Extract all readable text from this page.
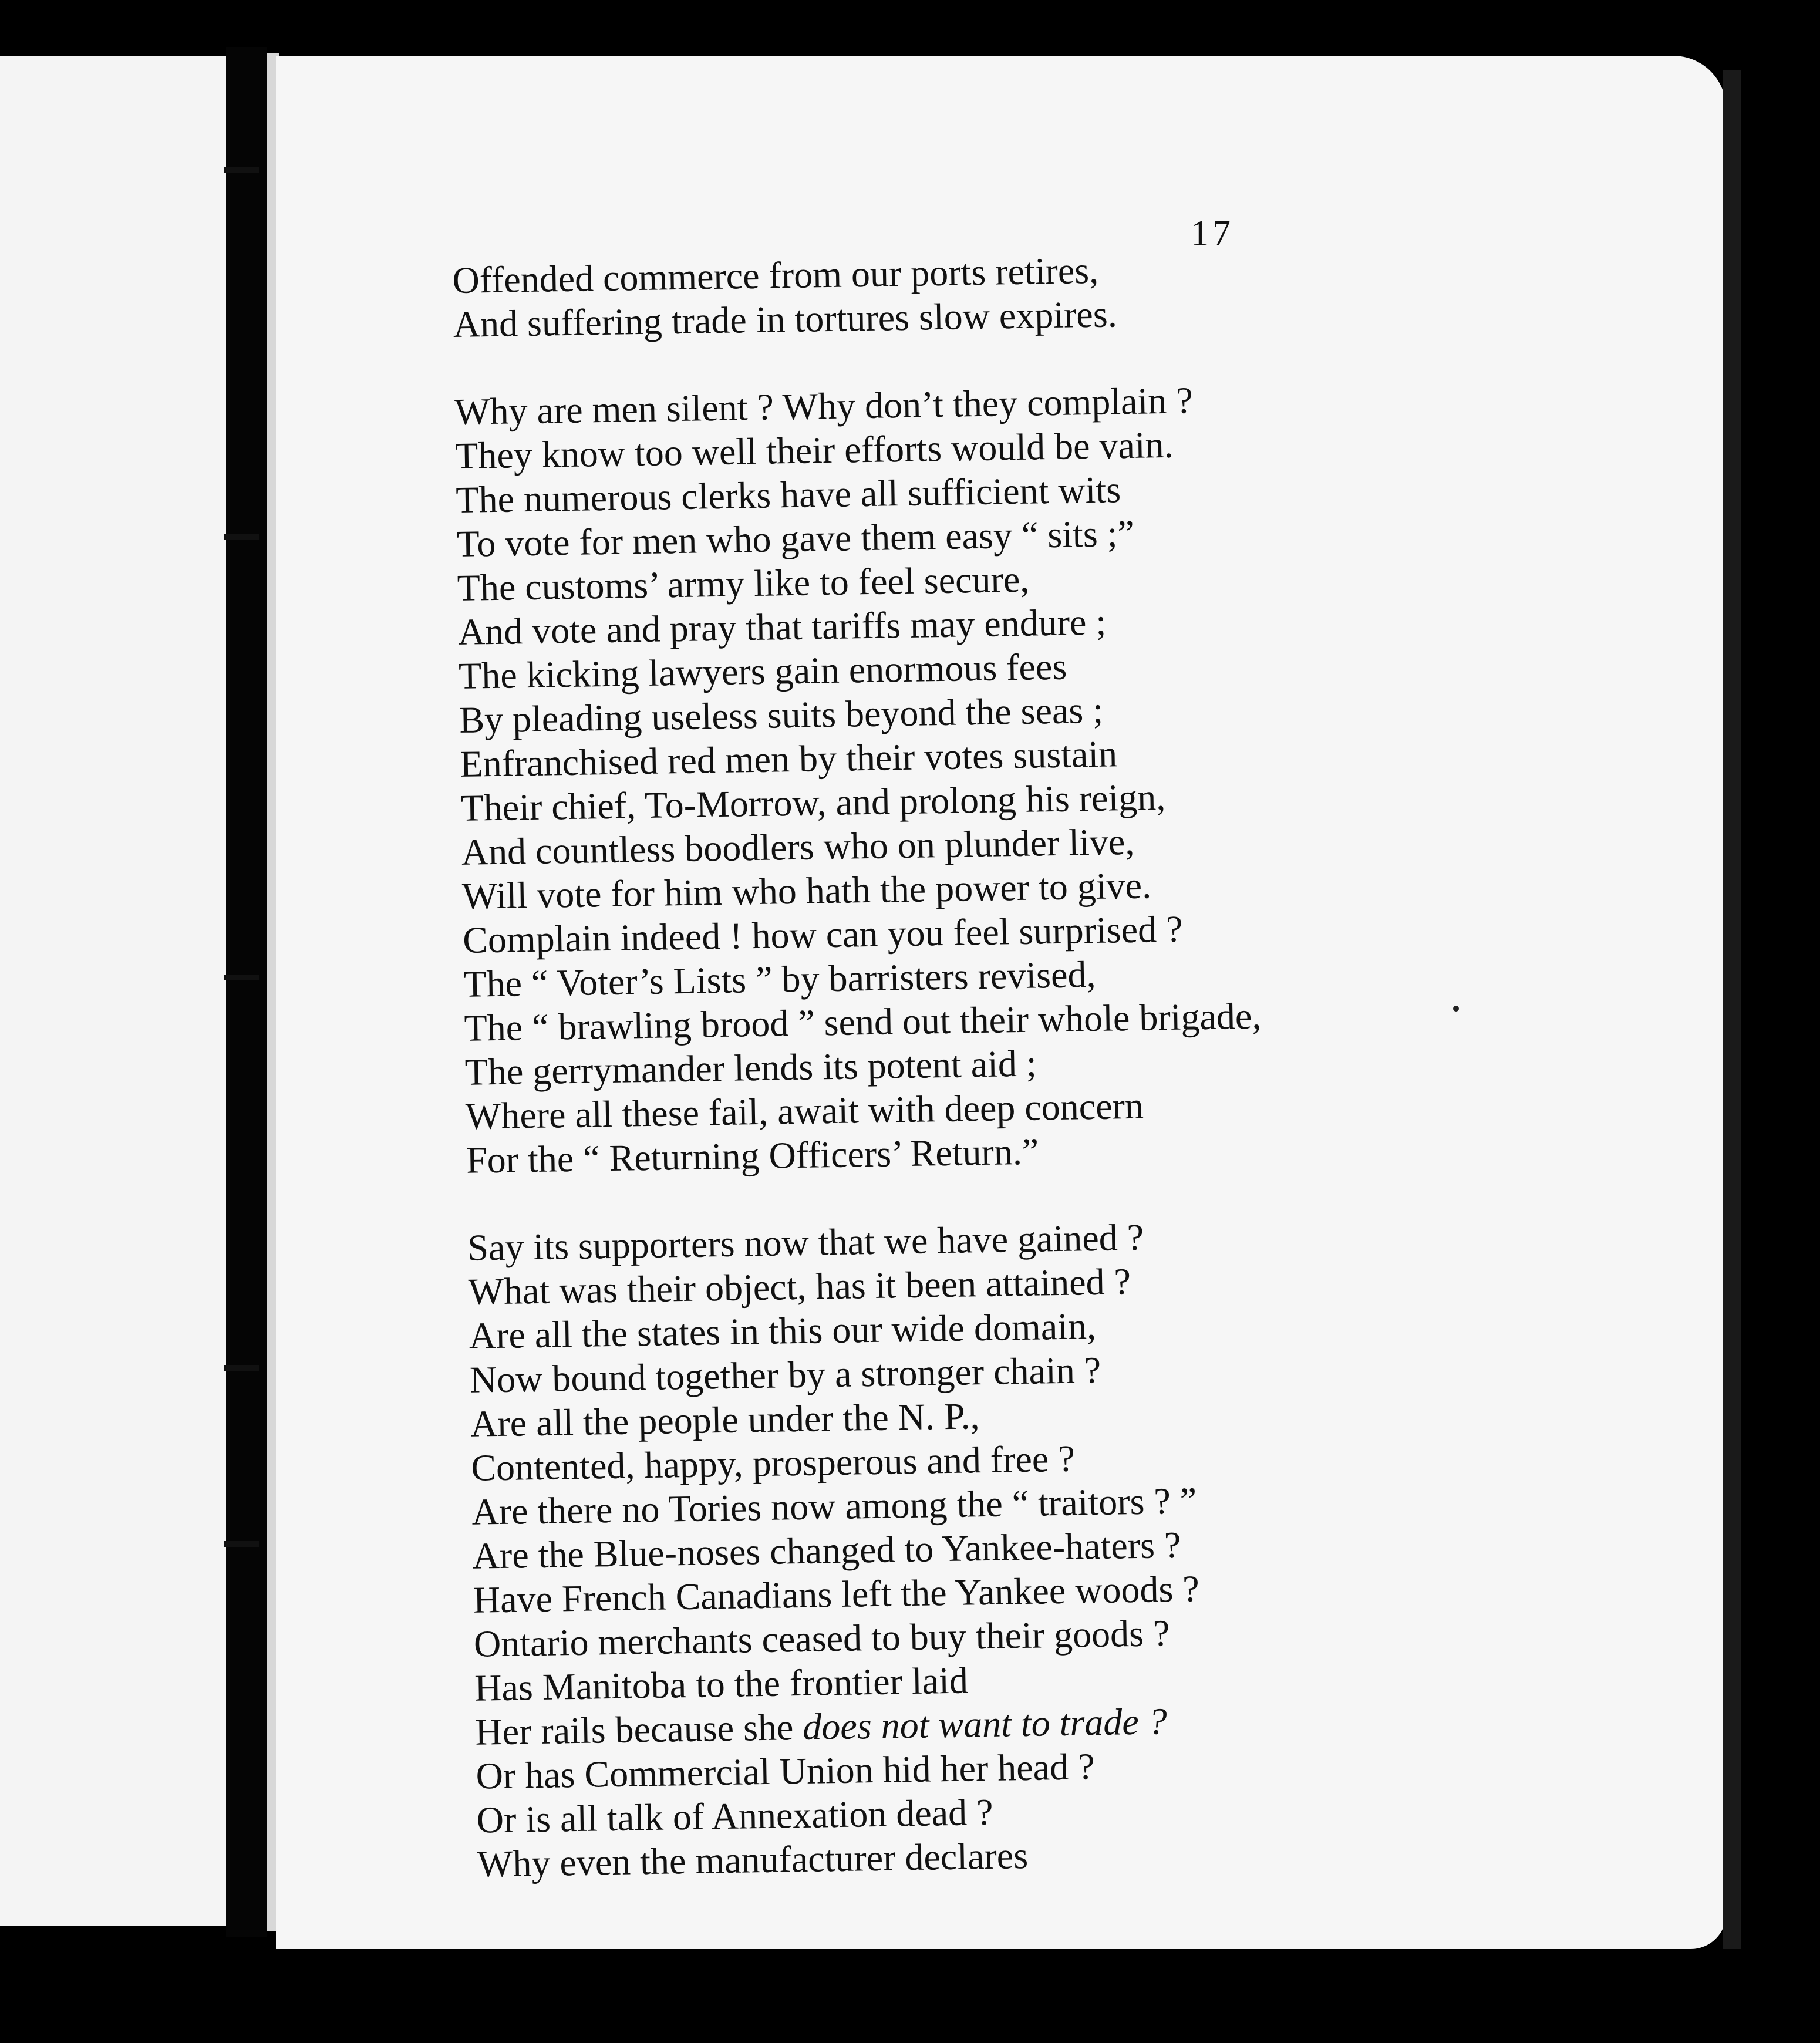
17
Offended commerce from our ports retires,
And suffering trade in tortures slow expires.
Why are men silent ? Why don’t they complain ?
They know too well their efforts would be vain.
The numerous clerks have all sufficient wits
To vote for men who gave them easy “ sits ;”
The customs’ army like to feel secure,
And vote and pray that tariffs may endure ;
The kicking lawyers gain enormous fees
By pleading useless suits beyond the seas ;
Enfranchised red men by their votes sustain
Their chief, To-Morrow, and prolong his reign,
And countless boodlers who on plunder live,
Will vote for him who hath the power to give.
Complain indeed ! how can you feel surprised ?
The “ Voter’s Lists ” by barristers revised,
The “ brawling brood ” send out their whole brigade,
The gerrymander lends its potent aid ;
Where all these fail, await with deep concern
For the “ Returning Officers’ Return.”
Say its supporters now that we have gained ?
What was their object, has it been attained ?
Are all the states in this our wide domain,
Now bound together by a stronger chain ?
Are all the people under the N. P.,
Contented, happy, prosperous and free ?
Are there no Tories now among the “ traitors ? ”
Are the Blue-noses changed to Yankee-haters ?
Have French Canadians left the Yankee woods ?
Ontario merchants ceased to buy their goods ?
Has Manitoba to the frontier laid
Her rails because she does not want to trade ?
Or has Commercial Union hid her head ?
Or is all talk of Annexation dead ?
Why even the manufacturer declares
